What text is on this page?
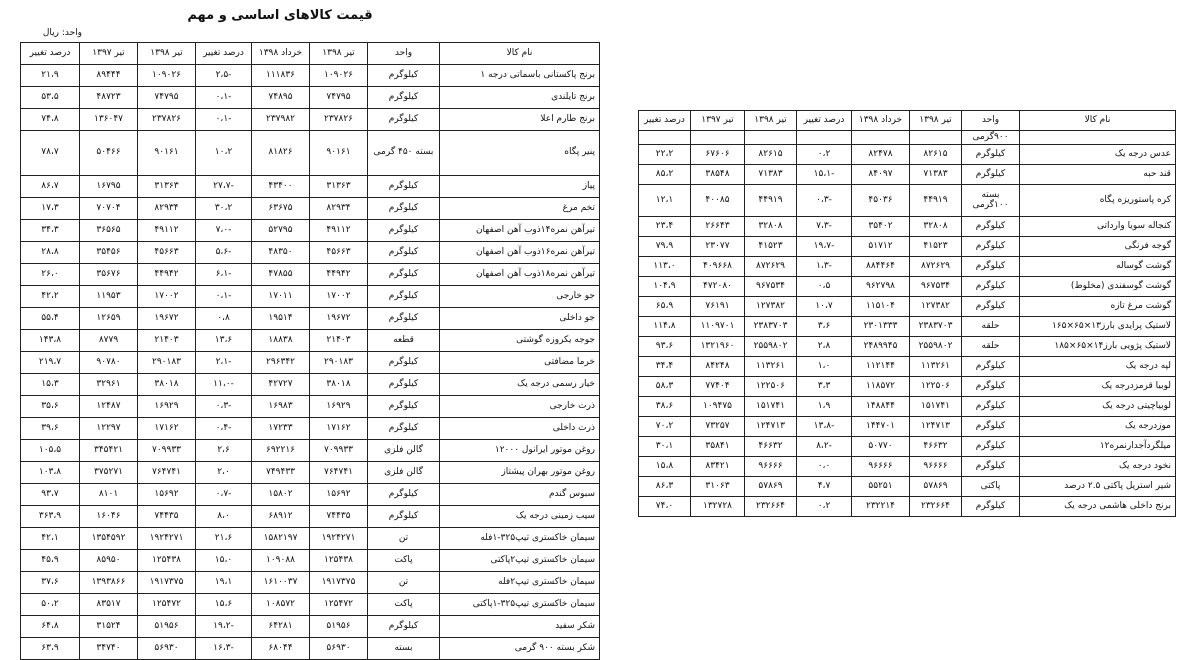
قیمت کالاهای اساسی و مهم
واحد: ریال
نام کالا	واحد	تیر ۱۳۹۸	خرداد ۱۳۹۸	درصد تغییر	تیر ۱۳۹۸	تیر ۱۳۹۷	درصد تغییر
برنج پاکستانی باسماتی درجه ۱	کیلوگرم	۱۰۹۰۲۶	۱۱۱۸۳۶	-۲،۵	۱۰۹۰۲۶	۸۹۴۴۴	۲۱،۹
برنج تایلندی	کیلوگرم	۷۴۷۹۵	۷۴۸۹۵	-۰،۱	۷۴۷۹۵	۴۸۷۲۳	۵۳،۵
برنج طارم اعلا	کیلوگرم	۲۳۷۸۲۶	۲۳۷۹۸۲	-۰،۱	۲۳۷۸۲۶	۱۳۶۰۴۷	۷۴،۸
پنیر پگاه	بسته ۴۵۰ گرمی	۹۰۱۶۱	۸۱۸۲۶	۱۰،۲	۹۰۱۶۱	۵۰۴۶۶	۷۸،۷
پیاز	کیلوگرم	۳۱۳۶۳	۴۳۴۰۰	-۲۷،۷	۳۱۳۶۳	۱۶۷۹۵	۸۶،۷
تخم مرغ	کیلوگرم	۸۲۹۳۴	۶۳۶۷۵	۳۰،۲	۸۲۹۳۴	۷۰۷۰۴	۱۷،۳
تیرآهن نمره۱۴ذوب آهن اصفهان	کیلوگرم	۴۹۱۱۲	۵۲۷۹۵	-۷،۰	۴۹۱۱۲	۳۶۵۶۵	۳۴،۳
تیرآهن نمره۱۶ذوب آهن اصفهان	کیلوگرم	۴۵۶۶۳	۴۸۳۵۰	-۵،۶	۴۵۶۶۳	۳۵۴۵۶	۲۸،۸
تیرآهن نمره۱۸ذوب آهن اصفهان	کیلوگرم	۴۴۹۴۲	۴۷۸۵۵	-۶،۱	۴۴۹۴۲	۳۵۶۷۶	۲۶،۰
جو خارجی	کیلوگرم	۱۷۰۰۲	۱۷۰۱۱	-۰،۱	۱۷۰۰۲	۱۱۹۵۳	۴۲،۲
جو داخلی	کیلوگرم	۱۹۶۷۲	۱۹۵۱۴	۰،۸	۱۹۶۷۲	۱۲۶۵۹	۵۵،۴
جوجه یکروزه گوشتی	قطعه	۲۱۴۰۳	۱۸۸۳۸	۱۳،۶	۲۱۴۰۳	۸۷۷۹	۱۴۳،۸
خرما مضافتی	کیلوگرم	۲۹۰۱۸۳	۲۹۶۳۴۲	-۲،۱	۲۹۰۱۸۳	۹۰۷۸۰	۲۱۹،۷
خیار رسمی درجه یک	کیلوگرم	۳۸۰۱۸	۴۲۷۲۷	-۱۱،۰	۳۸۰۱۸	۳۲۹۶۱	۱۵،۳
ذرت خارجی	کیلوگرم	۱۶۹۲۹	۱۶۹۸۳	-۰،۳	۱۶۹۲۹	۱۲۴۸۷	۳۵،۶
ذرت داخلی	کیلوگرم	۱۷۱۶۲	۱۷۲۳۳	-۰،۴	۱۷۱۶۲	۱۲۲۹۷	۳۹،۶
روغن موتور ایرانول ۱۲۰۰۰	گالن فلزی	۷۰۹۹۳۳	۶۹۲۲۱۶	۲،۶	۷۰۹۹۳۳	۳۴۵۴۲۱	۱۰۵،۵
روغن موتور بهران پیشتاز	گالن فلزی	۷۶۴۷۴۱	۷۴۹۴۳۳	۲،۰	۷۶۴۷۴۱	۳۷۵۲۷۱	۱۰۳،۸
سبوس گندم	کیلوگرم	۱۵۶۹۲	۱۵۸۰۲	-۰،۷	۱۵۶۹۲	۸۱۰۱	۹۳،۷
سیب زمینی درجه یک	کیلوگرم	۷۴۴۳۵	۶۸۹۱۲	۸،۰	۷۴۴۳۵	۱۶۰۴۶	۳۶۳،۹
سیمان خاکستری تیپ۳۲۵-۱فله	تن	۱۹۲۴۲۷۱	۱۵۸۲۱۹۷	۲۱،۶	۱۹۲۴۲۷۱	۱۳۵۴۵۹۲	۴۲،۱
سیمان خاکستری تیپ۲پاکتی	پاکت	۱۲۵۴۳۸	۱۰۹۰۸۸	۱۵،۰	۱۲۵۴۳۸	۸۵۹۵۰	۴۵،۹
سیمان خاکستری تیپ۲فله	تن	۱۹۱۷۳۷۵	۱۶۱۰۰۳۷	۱۹،۱	۱۹۱۷۳۷۵	۱۳۹۳۸۶۶	۳۷،۶
سیمان خاکستری تیپ۳۲۵-۱پاکتی	پاکت	۱۲۵۴۷۲	۱۰۸۵۷۲	۱۵،۶	۱۲۵۴۷۲	۸۳۵۱۷	۵۰،۲
شکر سفید	کیلوگرم	۵۱۹۵۶	۶۴۲۸۱	-۱۹،۲	۵۱۹۵۶	۳۱۵۲۴	۶۴،۸
شکر بسته ۹۰۰ گرمی	بسته	۵۶۹۳۰	۶۸۰۴۴	-۱۶،۳	۵۶۹۳۰	۳۴۷۴۰	۶۳،۹
نام کالا	واحد	تیر ۱۳۹۸	خرداد ۱۳۹۸	درصد تغییر	تیر ۱۳۹۸	تیر ۱۳۹۷	درصد تغییر
	۹۰۰گرمی						
عدس درجه یک	کیلوگرم	۸۲۶۱۵	۸۲۴۷۸	۰،۲	۸۲۶۱۵	۶۷۶۰۶	۲۲،۲
قند حبه	کیلوگرم	۷۱۳۸۳	۸۴۰۹۷	-۱۵،۱	۷۱۳۸۳	۳۸۵۴۸	۸۵،۲
کره پاستوریزه پگاه	بسته ۱۰۰گرمی	۴۴۹۱۹	۴۵۰۳۶	-۰،۳	۴۴۹۱۹	۴۰۰۸۵	۱۲،۱
کنجاله سویا وارداتی	کیلوگرم	۳۲۸۰۸	۳۵۴۰۲	-۷،۳	۳۲۸۰۸	۲۶۶۴۳	۲۳،۴
گوجه فرنگی	کیلوگرم	۴۱۵۲۳	۵۱۷۱۲	-۱۹،۷	۴۱۵۲۳	۲۳۰۷۷	۷۹،۹
گوشت گوساله	کیلوگرم	۸۷۲۶۲۹	۸۸۴۴۶۴	-۱،۳	۸۷۲۶۲۹	۴۰۹۶۶۸	۱۱۳،۰
گوشت گوسفندی (مخلوط)	کیلوگرم	۹۶۷۵۳۴	۹۶۲۷۹۸	۰،۵	۹۶۷۵۳۴	۴۷۲۰۸۰	۱۰۴،۹
گوشت مرغ تازه	کیلوگرم	۱۲۷۳۸۲	۱۱۵۱۰۴	۱۰،۷	۱۲۷۳۸۲	۷۶۱۹۱	۶۵،۹
لاستیک پرایدی بارز۱۳×۶۵×۱۶۵	حلقه	۲۳۸۳۷۰۳	۲۳۰۱۳۳۳	۳،۶	۲۳۸۳۷۰۳	۱۱۰۹۷۰۱	۱۱۴،۸
لاستیک پژویی بارز۱۴×۶۵×۱۸۵	حلقه	۲۵۵۹۸۰۲	۲۴۸۹۹۴۵	۲،۸	۲۵۵۹۸۰۲	۱۳۲۱۹۶۰	۹۳،۶
لپه درجه یک	کیلوگرم	۱۱۳۲۶۱	۱۱۲۱۴۴	۱،۰	۱۱۳۲۶۱	۸۴۲۴۸	۳۴،۴
لوبیا قرمزدرجه یک	کیلوگرم	۱۲۲۵۰۶	۱۱۸۵۷۲	۳،۳	۱۲۲۵۰۶	۷۷۴۰۴	۵۸،۳
لوبیاچیتی درجه یک	کیلوگرم	۱۵۱۷۴۱	۱۴۸۸۴۴	۱،۹	۱۵۱۷۴۱	۱۰۹۴۷۵	۳۸،۶
موزدرجه یک	کیلوگرم	۱۲۴۷۱۳	۱۴۴۷۰۱	-۱۳،۸	۱۲۴۷۱۳	۷۳۲۵۷	۷۰،۲
میلگردآجدارنمره۱۲	کیلوگرم	۴۶۶۳۲	۵۰۷۷۰	-۸،۲	۴۶۶۳۲	۳۵۸۴۱	۳۰،۱
نخود درجه یک	کیلوگرم	۹۶۶۶۶	۹۶۶۶۶	۰،۰	۹۶۶۶۶	۸۳۴۲۱	۱۵،۸
شیر استریل پاکتی ۲.۵ درصد	پاکتی	۵۷۸۶۹	۵۵۲۵۱	۴،۷	۵۷۸۶۹	۳۱۰۶۳	۸۶،۳
برنج داخلی هاشمی درجه یک	کیلوگرم	۲۳۲۶۶۴	۲۳۲۲۱۴	۰،۲	۲۳۲۶۶۴	۱۳۲۷۲۸	۷۴،۰
